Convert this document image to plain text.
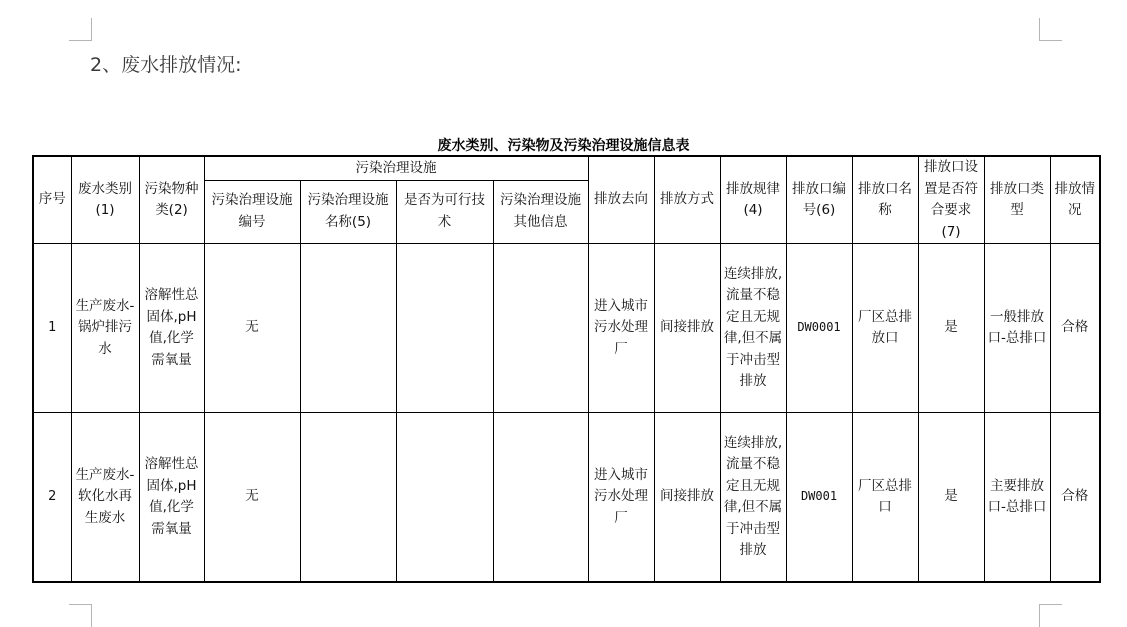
2、废水排放情况:
废水类别、污染物及污染治理设施信息表
序号	废水类别(1)	污染物种类(2)	污染治理设施				排放去向	排放方式	排放规律(4)	排放口编号(6)	排放口名称	排放口设置是否符合要求(7)	排放口类型	排放情况
			污染治理设施编号	污染治理设施名称(5)	是否为可行技术	污染治理设施其他信息								
1	生产废水-锅炉排污水	溶解性总固体,pH值,化学需氧量	无				进入城市污水处理厂	间接排放	连续排放,流量不稳定且无规律,但不属于冲击型排放	DW0001	厂区总排放口	是	一般排放口-总排口	合格
2	生产废水-软化水再生废水	溶解性总固体,pH值,化学需氧量	无				进入城市污水处理厂	间接排放	连续排放,流量不稳定且无规律,但不属于冲击型排放	DW001	厂区总排口	是	主要排放口-总排口	合格
